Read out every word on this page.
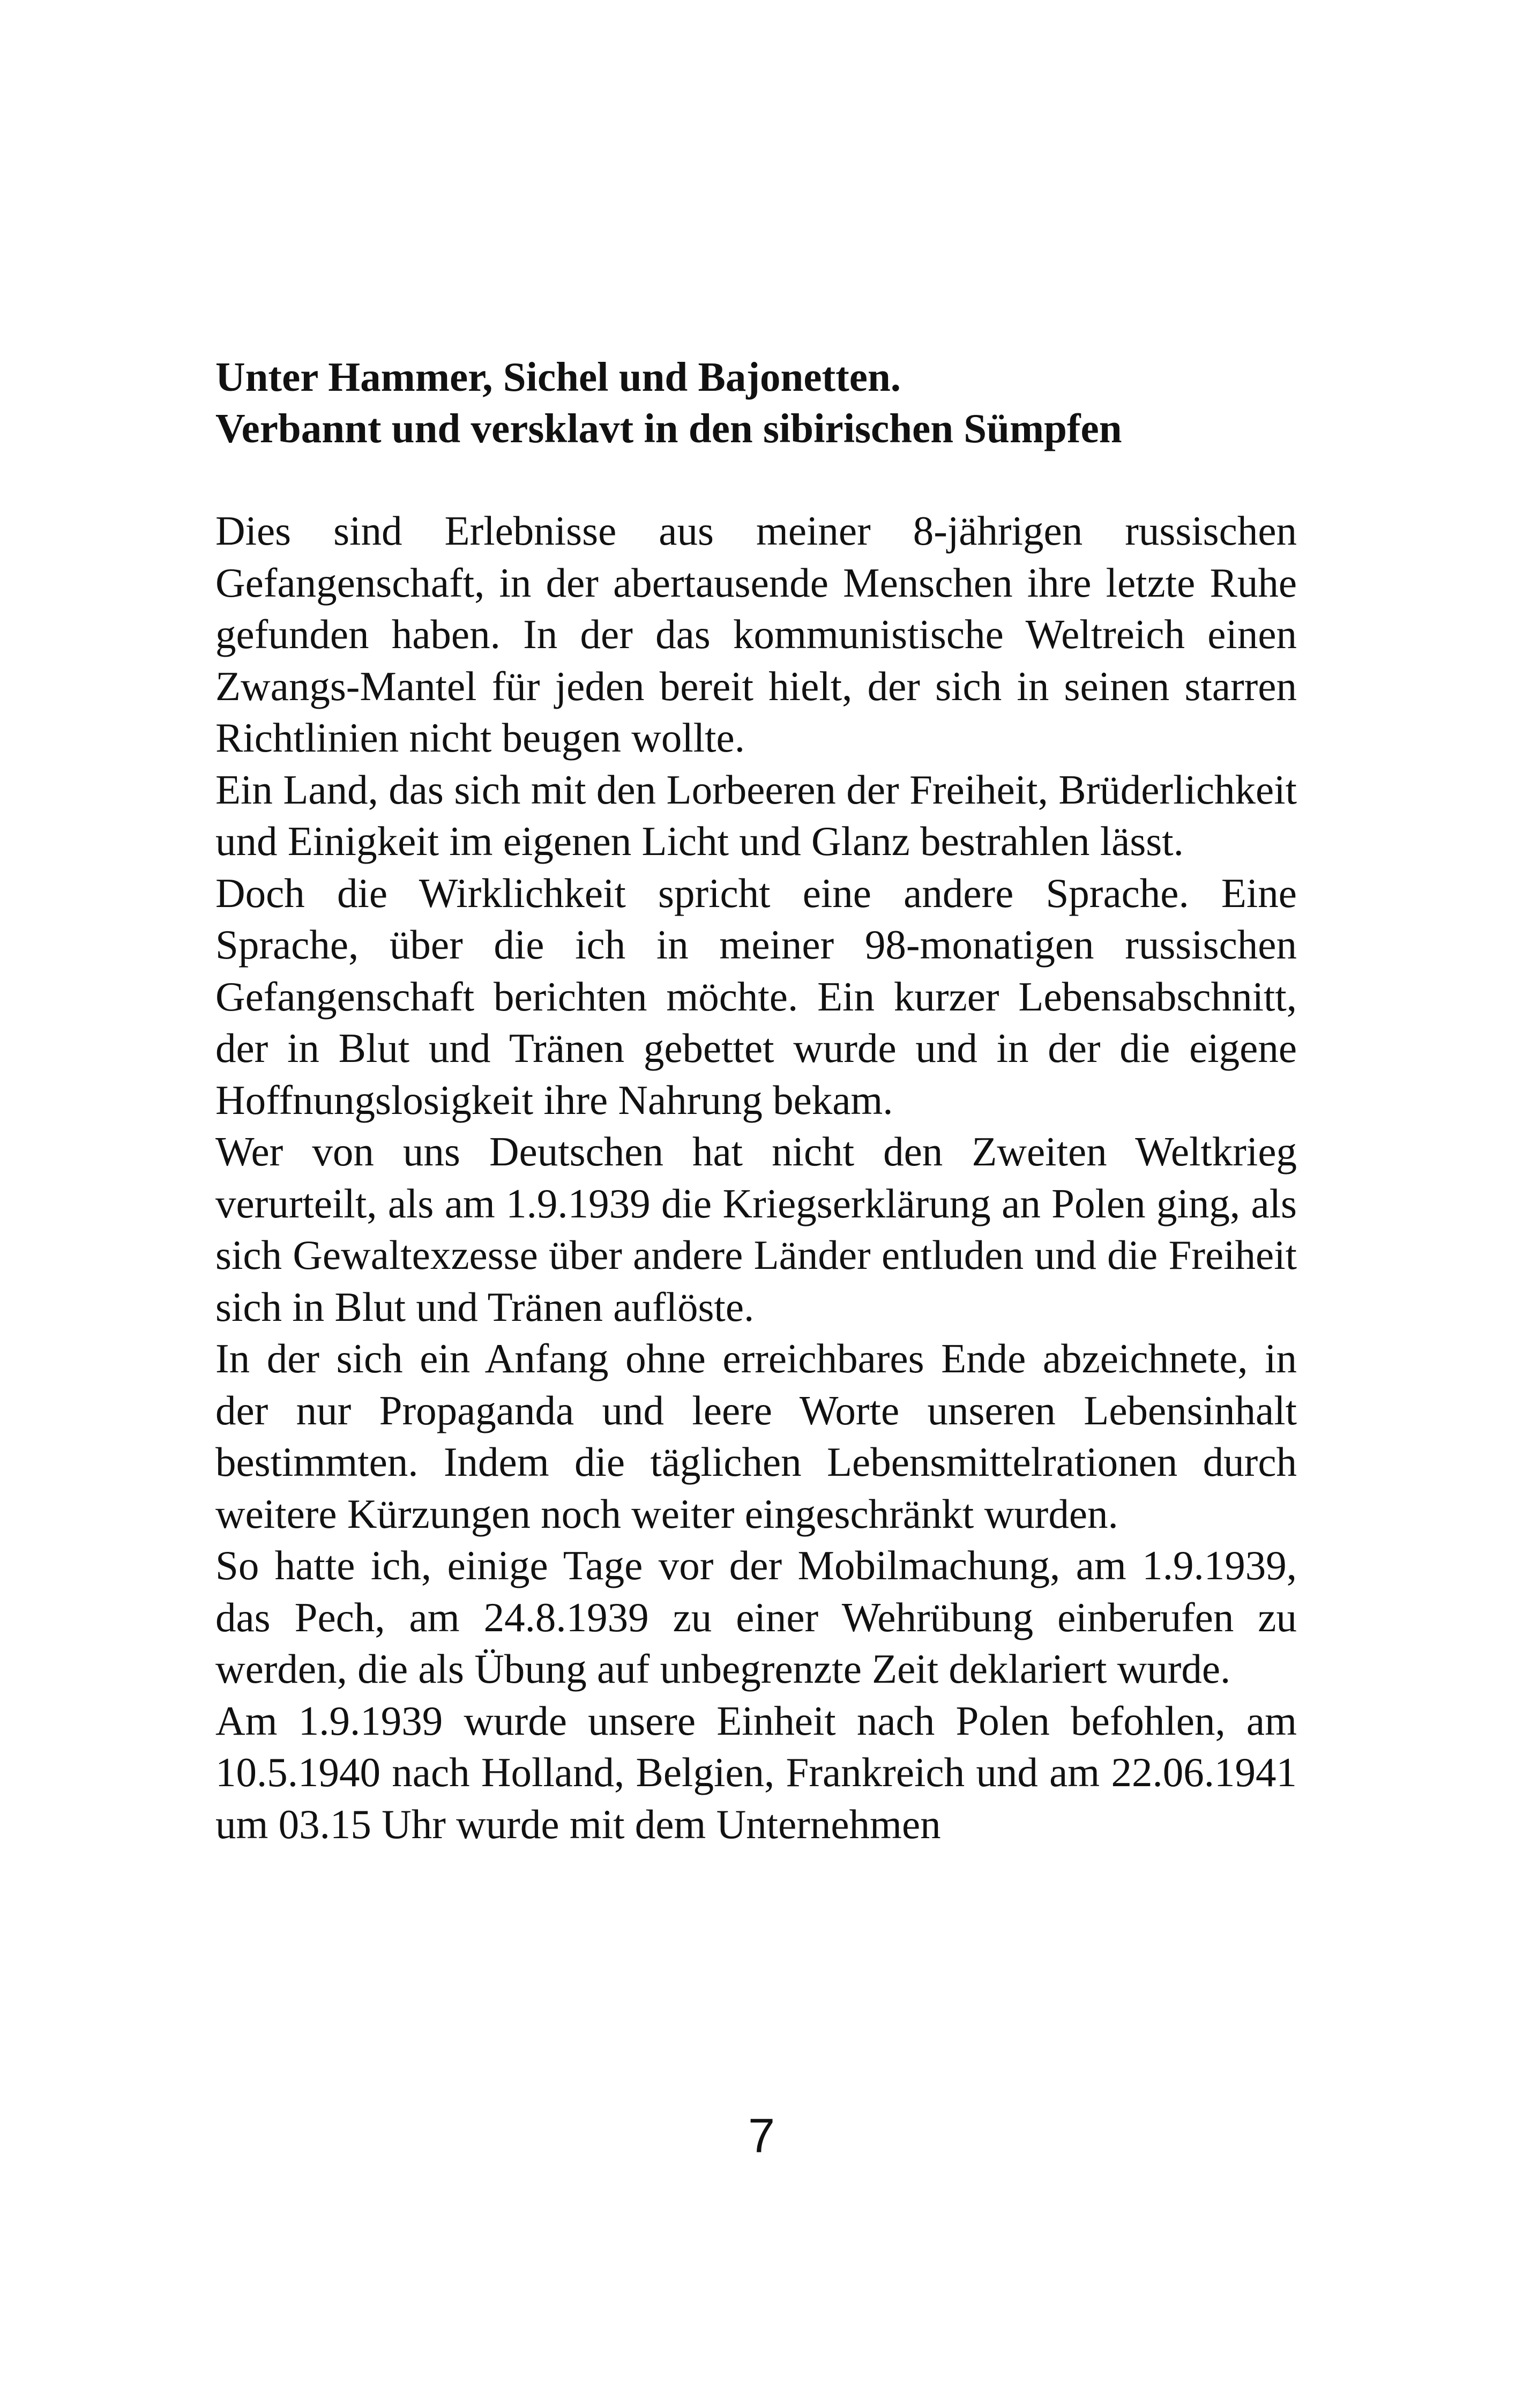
Unter Hammer, Sichel und Bajonetten.
Verbannt und versklavt in den sibirischen Sümpfen

Dies sind Erlebnisse aus meiner 8-jährigen russischen Gefangenschaft, in der abertausende Menschen ihre letzte Ruhe gefunden haben. In der das kommunistische Weltreich einen Zwangs-Mantel für jeden bereit hielt, der sich in seinen starren Richtlinien nicht beugen wollte.

Ein Land, das sich mit den Lorbeeren der Freiheit, Brüderlichkeit und Einigkeit im eigenen Licht und Glanz bestrahlen lässt.

Doch die Wirklichkeit spricht eine andere Sprache. Eine Sprache, über die ich in meiner 98-monatigen russischen Gefangenschaft berichten möchte. Ein kurzer Lebensabschnitt, der in Blut und Tränen gebettet wurde und in der die eigene Hoffnungslosigkeit ihre Nahrung bekam.

Wer von uns Deutschen hat nicht den Zweiten Weltkrieg verurteilt, als am 1.9.1939 die Kriegserklärung an Polen ging, als sich Gewaltexzesse über andere Länder entluden und die Freiheit sich in Blut und Tränen auflöste.

In der sich ein Anfang ohne erreichbares Ende abzeichnete, in der nur Propaganda und leere Worte unseren Lebensinhalt bestimmten. Indem die täglichen Lebensmittelrationen durch weitere Kürzungen noch weiter eingeschränkt wurden.

So hatte ich, einige Tage vor der Mobilmachung, am 1.9.1939, das Pech, am 24.8.1939 zu einer Wehrübung einberufen zu werden, die als Übung auf unbegrenzte Zeit deklariert wurde.

Am 1.9.1939 wurde unsere Einheit nach Polen befohlen, am 10.5.1940 nach Holland, Belgien, Frankreich und am 22.06.1941 um 03.15 Uhr wurde mit dem Unternehmen

7
